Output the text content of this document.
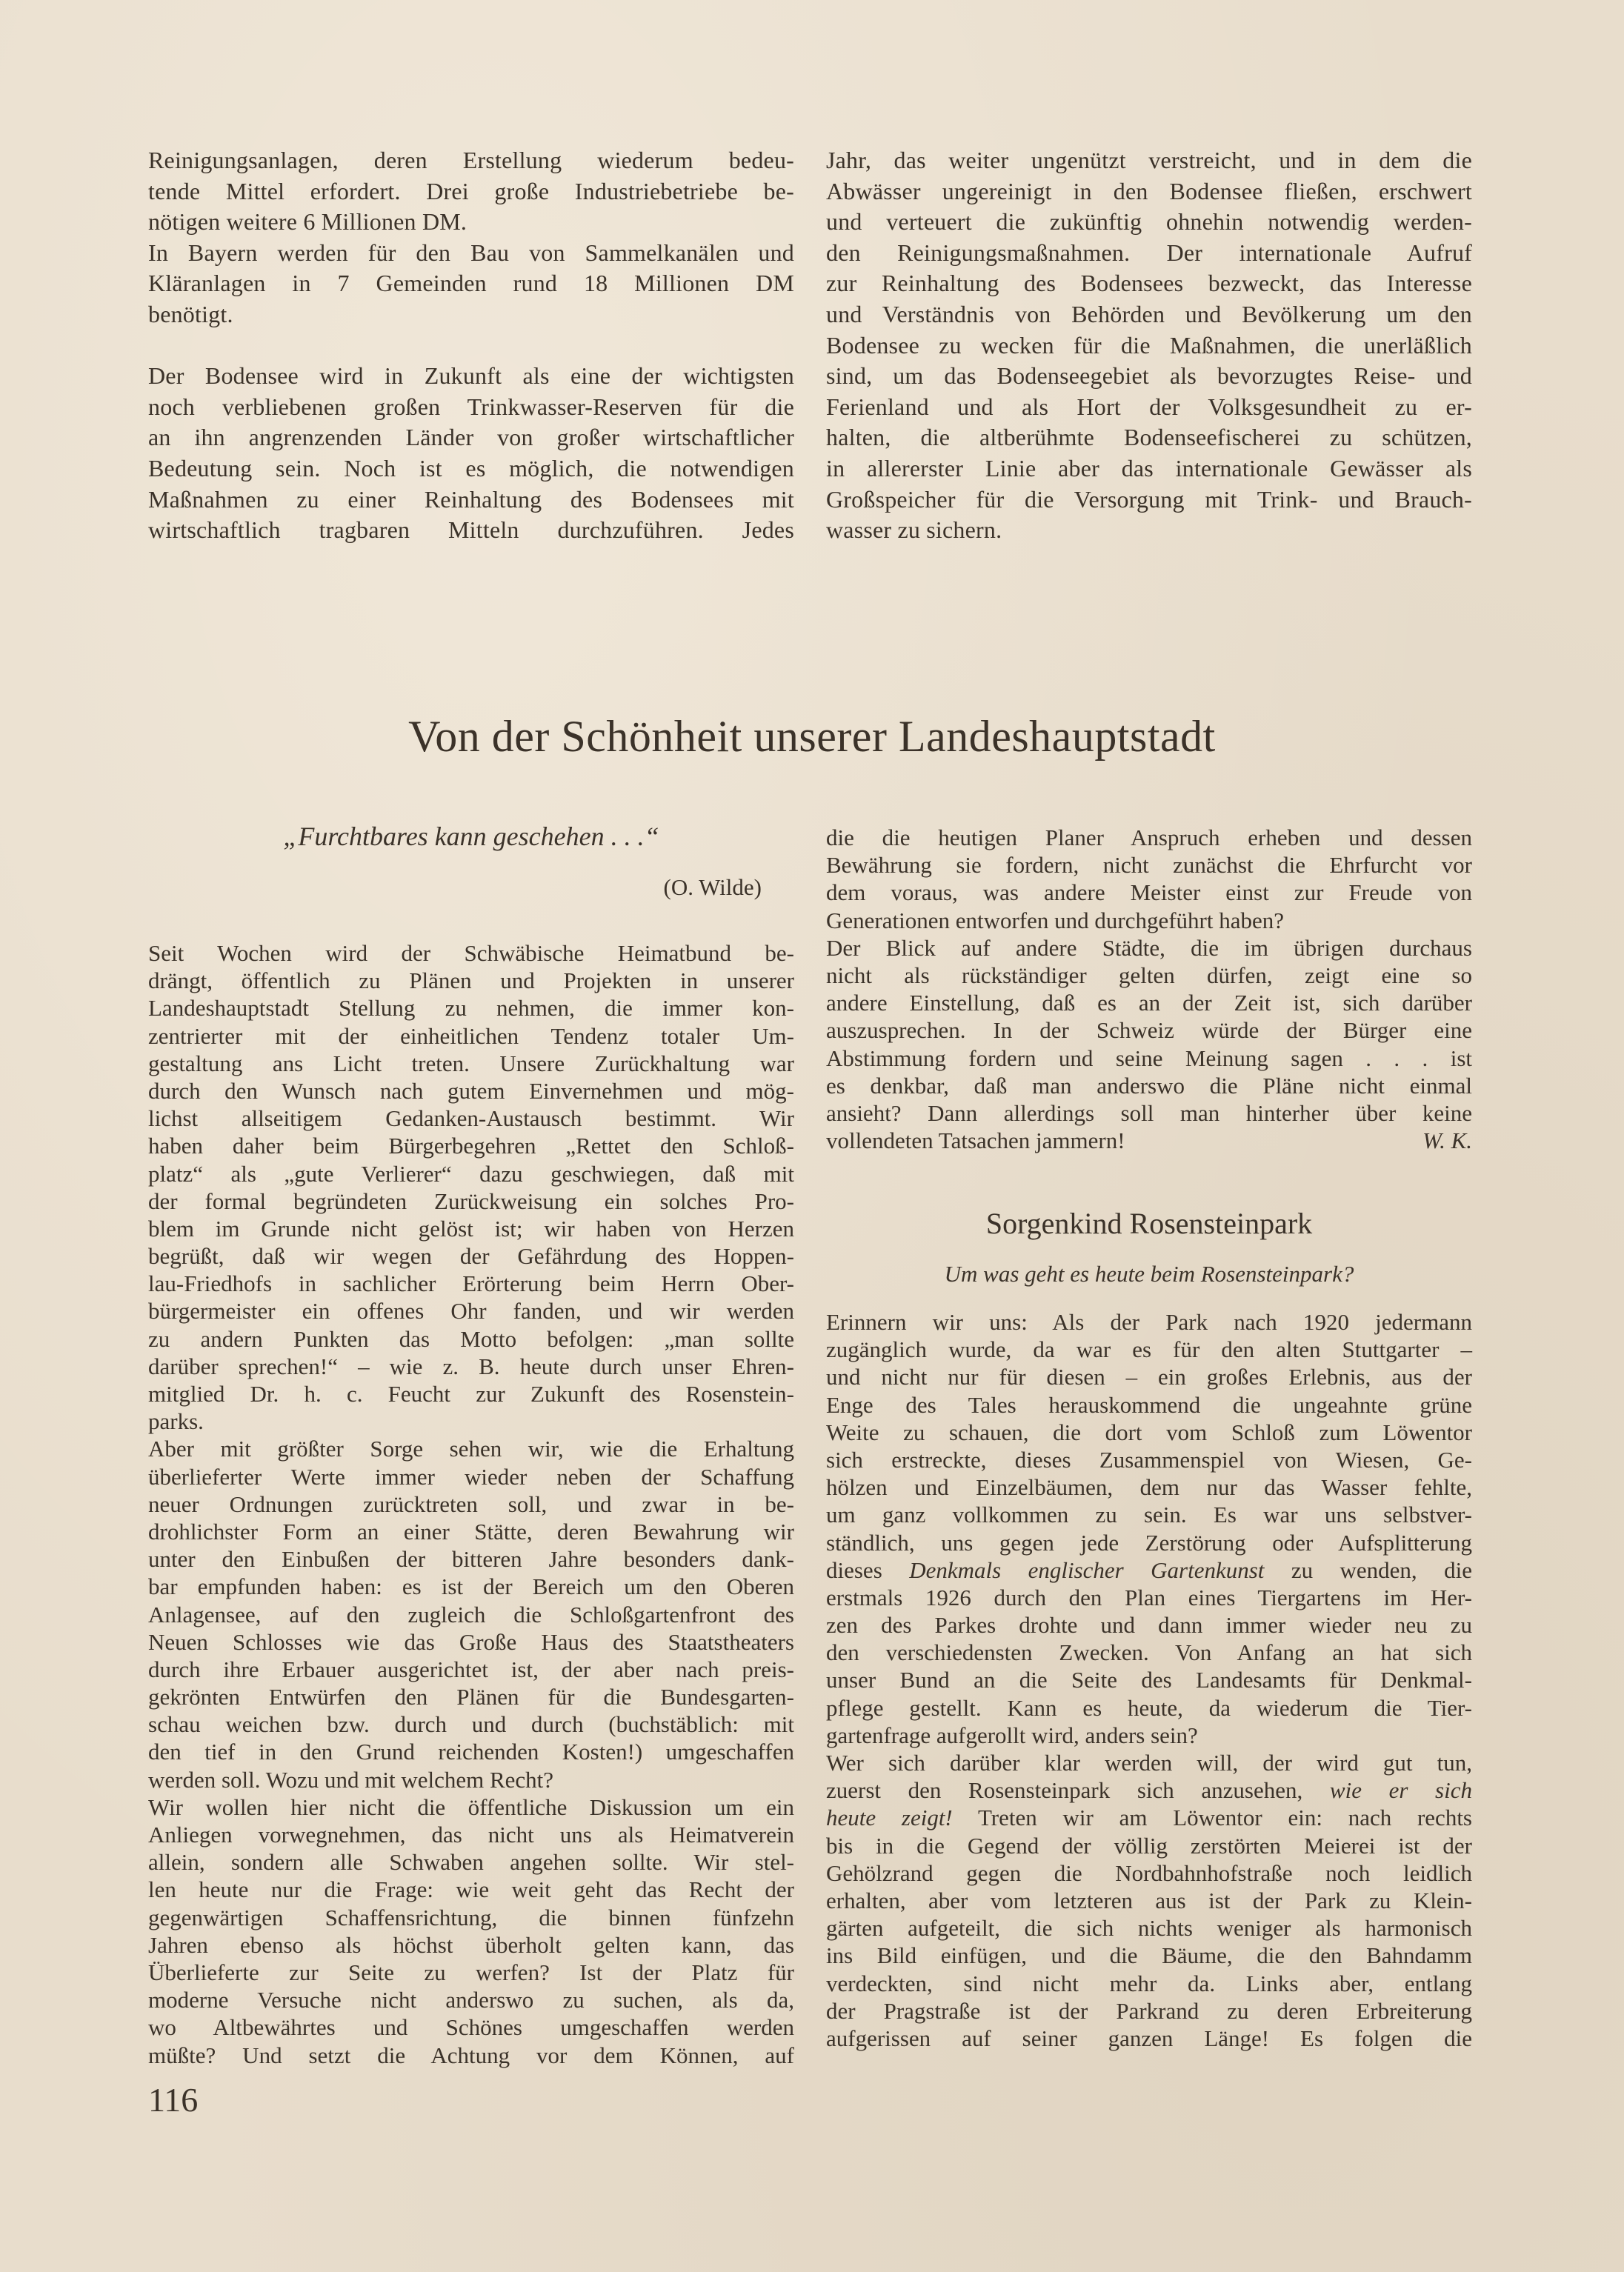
Reinigungsanlagen, deren Erstellung wiederum bedeu-
tende Mittel erfordert. Drei große Industriebetriebe be-
nötigen weitere 6 Millionen DM.
In Bayern werden für den Bau von Sammelkanälen und
Kläranlagen in 7 Gemeinden rund 18 Millionen DM
benötigt.
Der Bodensee wird in Zukunft als eine der wichtigsten
noch verbliebenen großen Trinkwasser-Reserven für die
an ihn angrenzenden Länder von großer wirtschaftlicher
Bedeutung sein. Noch ist es möglich, die notwendigen
Maßnahmen zu einer Reinhaltung des Bodensees mit
wirtschaftlich tragbaren Mitteln durchzuführen. Jedes
Jahr, das weiter ungenützt verstreicht, und in dem die
Abwässer ungereinigt in den Bodensee fließen, erschwert
und verteuert die zukünftig ohnehin notwendig werden-
den Reinigungsmaßnahmen. Der internationale Aufruf
zur Reinhaltung des Bodensees bezweckt, das Interesse
und Verständnis von Behörden und Bevölkerung um den
Bodensee zu wecken für die Maßnahmen, die unerläßlich
sind, um das Bodenseegebiet als bevorzugtes Reise- und
Ferienland und als Hort der Volksgesundheit zu er-
halten, die altberühmte Bodenseefischerei zu schützen,
in allererster Linie aber das internationale Gewässer als
Großspeicher für die Versorgung mit Trink- und Brauch-
wasser zu sichern.
Von der Schönheit unserer Landeshauptstadt
„Furchtbares kann geschehen . . .“
(O. Wilde)
Seit Wochen wird der Schwäbische Heimatbund be-
drängt, öffentlich zu Plänen und Projekten in unserer
Landeshauptstadt Stellung zu nehmen, die immer kon-
zentrierter mit der einheitlichen Tendenz totaler Um-
gestaltung ans Licht treten. Unsere Zurückhaltung war
durch den Wunsch nach gutem Einvernehmen und mög-
lichst allseitigem Gedanken-Austausch bestimmt. Wir
haben daher beim Bürgerbegehren „Rettet den Schloß-
platz“ als „gute Verlierer“ dazu geschwiegen, daß mit
der formal begründeten Zurückweisung ein solches Pro-
blem im Grunde nicht gelöst ist; wir haben von Herzen
begrüßt, daß wir wegen der Gefährdung des Hoppen-
lau-Friedhofs in sachlicher Erörterung beim Herrn Ober-
bürgermeister ein offenes Ohr fanden, und wir werden
zu andern Punkten das Motto befolgen: „man sollte
darüber sprechen!“ – wie z. B. heute durch unser Ehren-
mitglied Dr. h. c. Feucht zur Zukunft des Rosenstein-
parks.
Aber mit größter Sorge sehen wir, wie die Erhaltung
überlieferter Werte immer wieder neben der Schaffung
neuer Ordnungen zurücktreten soll, und zwar in be-
drohlichster Form an einer Stätte, deren Bewahrung wir
unter den Einbußen der bitteren Jahre besonders dank-
bar empfunden haben: es ist der Bereich um den Oberen
Anlagensee, auf den zugleich die Schloßgartenfront des
Neuen Schlosses wie das Große Haus des Staatstheaters
durch ihre Erbauer ausgerichtet ist, der aber nach preis-
gekrönten Entwürfen den Plänen für die Bundesgarten-
schau weichen bzw. durch und durch (buchstäblich: mit
den tief in den Grund reichenden Kosten!) umgeschaffen
werden soll. Wozu und mit welchem Recht?
Wir wollen hier nicht die öffentliche Diskussion um ein
Anliegen vorwegnehmen, das nicht uns als Heimatverein
allein, sondern alle Schwaben angehen sollte. Wir stel-
len heute nur die Frage: wie weit geht das Recht der
gegenwärtigen Schaffensrichtung, die binnen fünfzehn
Jahren ebenso als höchst überholt gelten kann, das
Überlieferte zur Seite zu werfen? Ist der Platz für
moderne Versuche nicht anderswo zu suchen, als da,
wo Altbewährtes und Schönes umgeschaffen werden
müßte? Und setzt die Achtung vor dem Können, auf
die die heutigen Planer Anspruch erheben und dessen
Bewährung sie fordern, nicht zunächst die Ehrfurcht vor
dem voraus, was andere Meister einst zur Freude von
Generationen entworfen und durchgeführt haben?
Der Blick auf andere Städte, die im übrigen durchaus
nicht als rückständiger gelten dürfen, zeigt eine so
andere Einstellung, daß es an der Zeit ist, sich darüber
auszusprechen. In der Schweiz würde der Bürger eine
Abstimmung fordern und seine Meinung sagen . . . ist
es denkbar, daß man anderswo die Pläne nicht einmal
ansieht? Dann allerdings soll man hinterher über keine
vollendeten Tatsachen jammern!	W. K.
Sorgenkind Rosensteinpark
Um was geht es heute beim Rosensteinpark?
Erinnern wir uns: Als der Park nach 1920 jedermann
zugänglich wurde, da war es für den alten Stuttgarter –
und nicht nur für diesen – ein großes Erlebnis, aus der
Enge des Tales herauskommend die ungeahnte grüne
Weite zu schauen, die dort vom Schloß zum Löwentor
sich erstreckte, dieses Zusammenspiel von Wiesen, Ge-
hölzen und Einzelbäumen, dem nur das Wasser fehlte,
um ganz vollkommen zu sein. Es war uns selbstver-
ständlich, uns gegen jede Zerstörung oder Aufsplitterung
dieses Denkmals englischer Gartenkunst zu wenden, die
erstmals 1926 durch den Plan eines Tiergartens im Her-
zen des Parkes drohte und dann immer wieder neu zu
den verschiedensten Zwecken. Von Anfang an hat sich
unser Bund an die Seite des Landesamts für Denkmal-
pflege gestellt. Kann es heute, da wiederum die Tier-
gartenfrage aufgerollt wird, anders sein?
Wer sich darüber klar werden will, der wird gut tun,
zuerst den Rosensteinpark sich anzusehen, wie er sich
heute zeigt! Treten wir am Löwentor ein: nach rechts
bis in die Gegend der völlig zerstörten Meierei ist der
Gehölzrand gegen die Nordbahnhofstraße noch leidlich
erhalten, aber vom letzteren aus ist der Park zu Klein-
gärten aufgeteilt, die sich nichts weniger als harmonisch
ins Bild einfügen, und die Bäume, die den Bahndamm
verdeckten, sind nicht mehr da. Links aber, entlang
der Pragstraße ist der Parkrand zu deren Erbreiterung
aufgerissen auf seiner ganzen Länge! Es folgen die
116
